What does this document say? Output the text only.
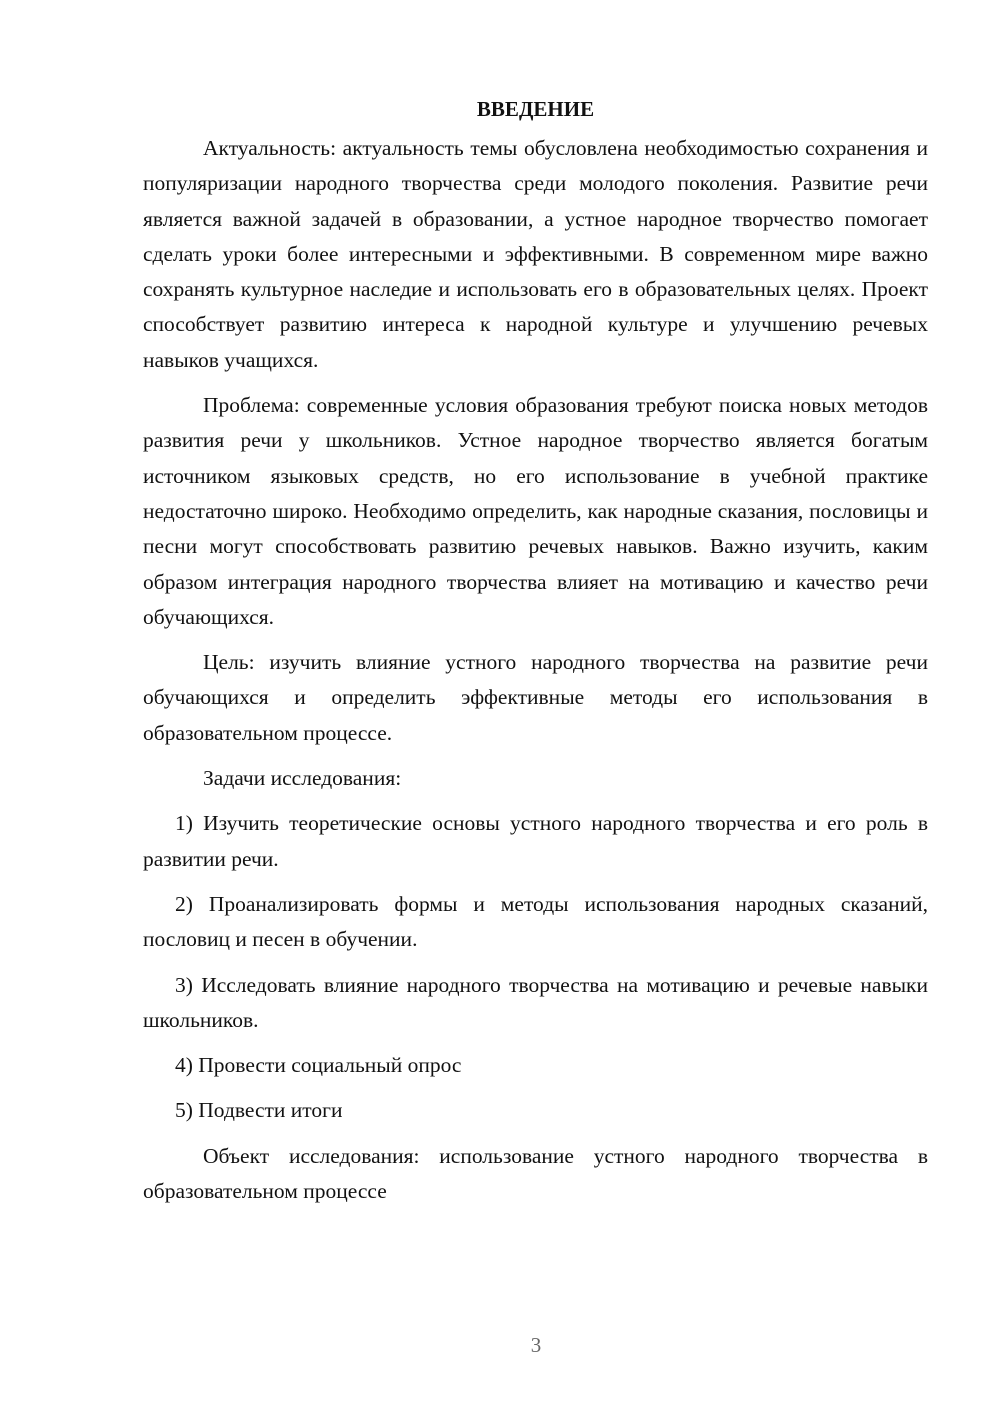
ВВЕДЕНИЕ

Актуальность: актуальность темы обусловлена необходимостью сохранения и популяризации народного творчества среди молодого поколения. Развитие речи является важной задачей в образовании, а устное народное творчество помогает сделать уроки более интересными и эффективными. В современном мире важно сохранять культурное наследие и использовать его в образовательных целях. Проект способствует развитию интереса к народной культуре и улучшению речевых навыков учащихся.

Проблема: современные условия образования требуют поиска новых методов развития речи у школьников. Устное народное творчество является богатым источником языковых средств, но его использование в учебной практике недостаточно широко. Необходимо определить, как народные сказания, пословицы и песни могут способствовать развитию речевых навыков. Важно изучить, каким образом интеграция народного творчества влияет на мотивацию и качество речи обучающихся.

Цель: изучить влияние устного народного творчества на развитие речи обучающихся и определить эффективные методы его использования в образовательном процессе.

Задачи исследования:

1) Изучить теоретические основы устного народного творчества и его роль в развитии речи.

2) Проанализировать формы и методы использования народных сказаний, пословиц и песен в обучении.

3) Исследовать влияние народного творчества на мотивацию и речевые навыки школьников.

4) Провести социальный опрос

5) Подвести итоги

Объект исследования: использование устного народного творчества в образовательном процессе

3
